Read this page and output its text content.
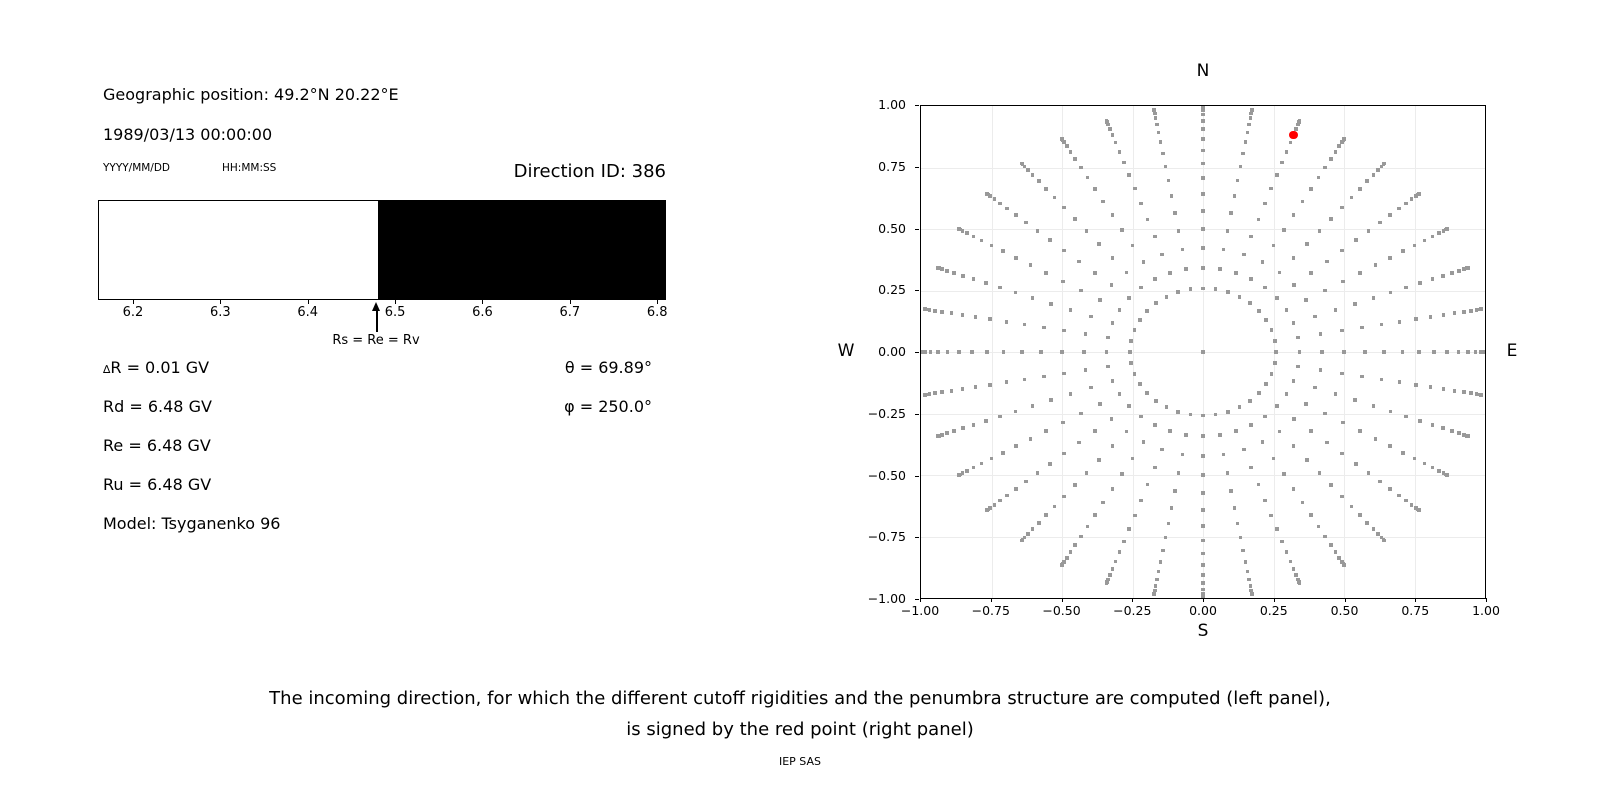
Geographic position: 49.2°N 20.22°E
1989/03/13 00:00:00
YYYY/MM/DD	HH:MM:SS	Direction ID: 386
6.2	6.3	6.4	6.5	6.6	6.7	6.8
Rs = Re = Rv
∆R = 0.01 GV
Rd = 6.48 GV
Re = 6.48 GV
Ru = 6.48 GV
Model: Tsyganenko 96
θ = 69.89°
φ = 250.0°
−1.00	−0.75	−0.50	−0.25	0.00	0.25	0.50	0.75	1.00
1.00
0.75
0.50
0.25
0.00
−0.25
−0.50
−0.75
−1.00
N
S
W	E
The incoming direction, for which the different cutoff rigidities and the penumbra structure are computed (left panel),
is signed by the red point (right panel)
IEP SAS
